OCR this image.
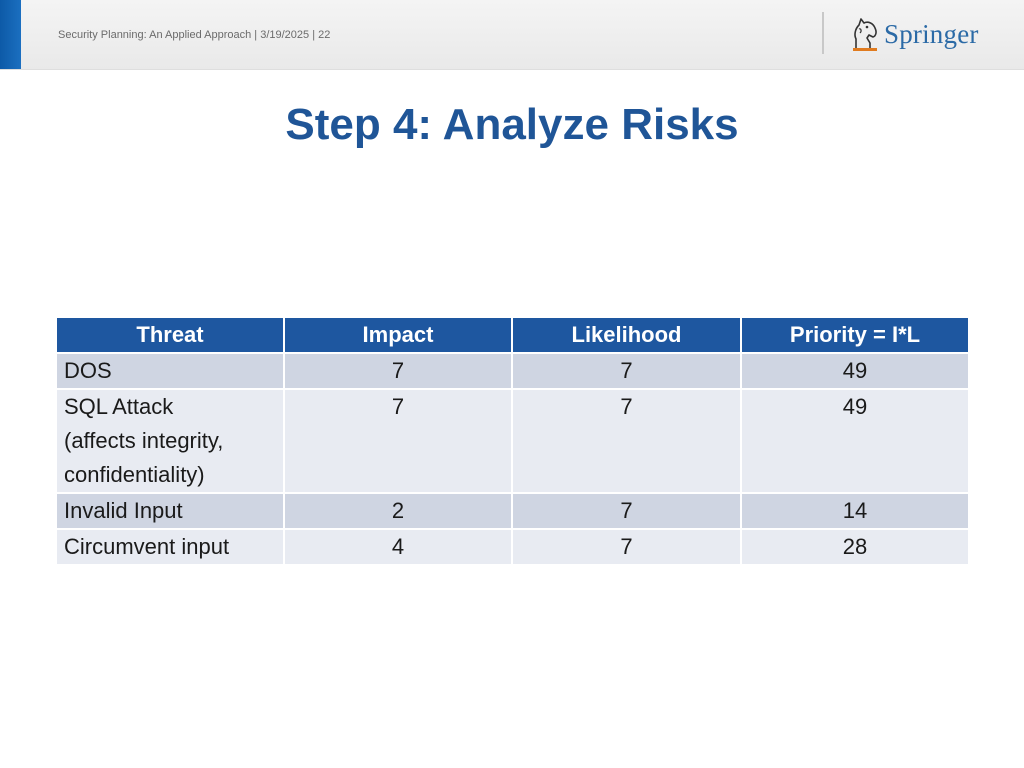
Security Planning: An Applied Approach | 3/19/2025 | 22	Springer
Step 4: Analyze Risks
Threat	Impact	Likelihood	Priority = I*L

DOS	7	7	49

SQL Attack
(affects integrity,
confidentiality)	7	7	49

Invalid Input	2	7	14

Circumvent input	4	7	28
